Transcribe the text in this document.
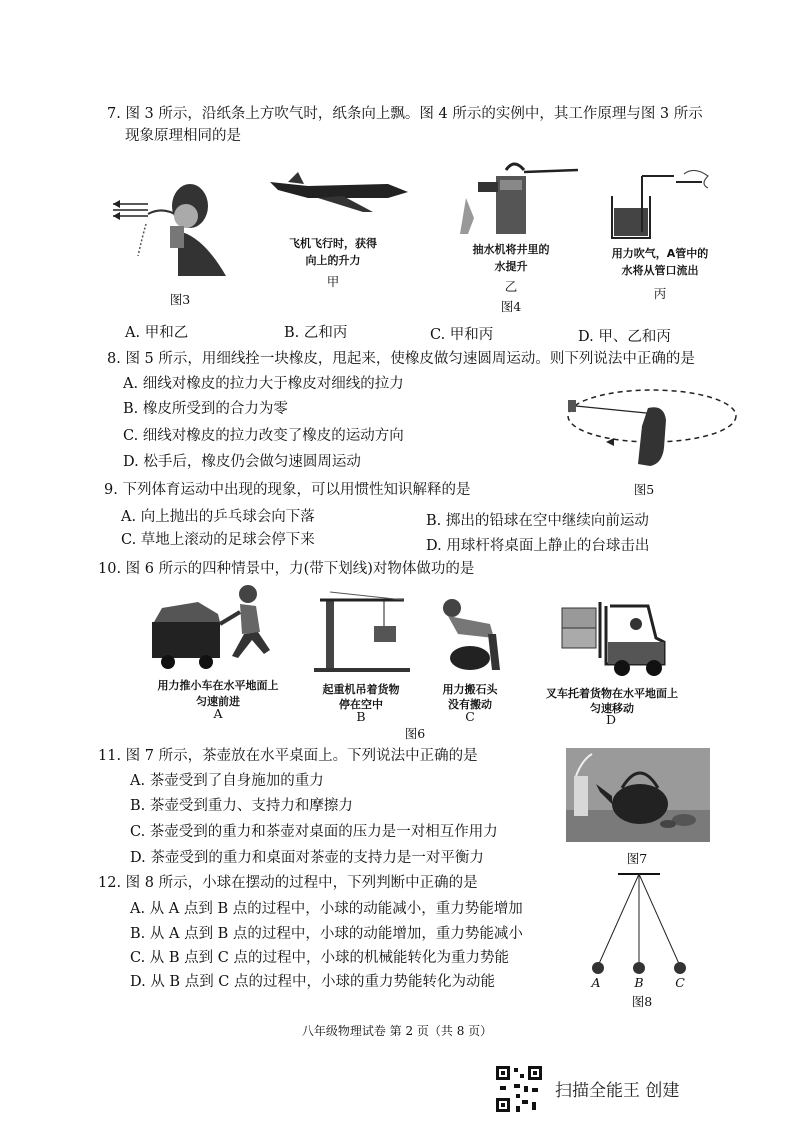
7. 图 3 所示，沿纸条上方吹气时，纸条向上飘。图 4 所示的实例中，其工作原理与图 3 所示
现象原理相同的是
图3
飞机飞行时，获得
向上的升力
甲
抽水机将井里的
水提升
乙
图4
用力吹气，A管中的
水将从管口流出
丙
A. 甲和乙	B. 乙和丙	C. 甲和丙	D. 甲、乙和丙
8. 图 5 所示，用细线拴一块橡皮，甩起来，使橡皮做匀速圆周运动。则下列说法中正确的是
A. 细线对橡皮的拉力大于橡皮对细线的拉力
B. 橡皮所受到的合力为零
C. 细线对橡皮的拉力改变了橡皮的运动方向
D. 松手后，橡皮仍会做匀速圆周运动
图5
9. 下列体育运动中出现的现象，可以用惯性知识解释的是
A. 向上抛出的乒乓球会向下落	B. 掷出的铅球在空中继续向前运动
C. 草地上滚动的足球会停下来	D. 用球杆将桌面上静止的台球击出
10. 图 6 所示的四种情景中，力(带下划线)对物体做功的是
用力推小车在水平地面上
匀速前进
A
起重机吊着货物
停在空中
B
用力搬石头
没有搬动
C
叉车托着货物在水平地面上
匀速移动
D
图6
11. 图 7 所示，茶壶放在水平桌面上。下列说法中正确的是
A. 茶壶受到了自身施加的重力
B. 茶壶受到重力、支持力和摩擦力
C. 茶壶受到的重力和茶壶对桌面的压力是一对相互作用力
D. 茶壶受到的重力和桌面对茶壶的支持力是一对平衡力	图7
12. 图 8 所示，小球在摆动的过程中，下列判断中正确的是
A. 从 A 点到 B 点的过程中，小球的动能减小，重力势能增加
B. 从 A 点到 B 点的过程中，小球的动能增加，重力势能减小
C. 从 B 点到 C 点的过程中，小球的机械能转化为重力势能
D. 从 B 点到 C 点的过程中，小球的重力势能转化为动能	A	B	C
图8
八年级物理试卷 第 2 页（共 8 页）
扫描全能王 创建
